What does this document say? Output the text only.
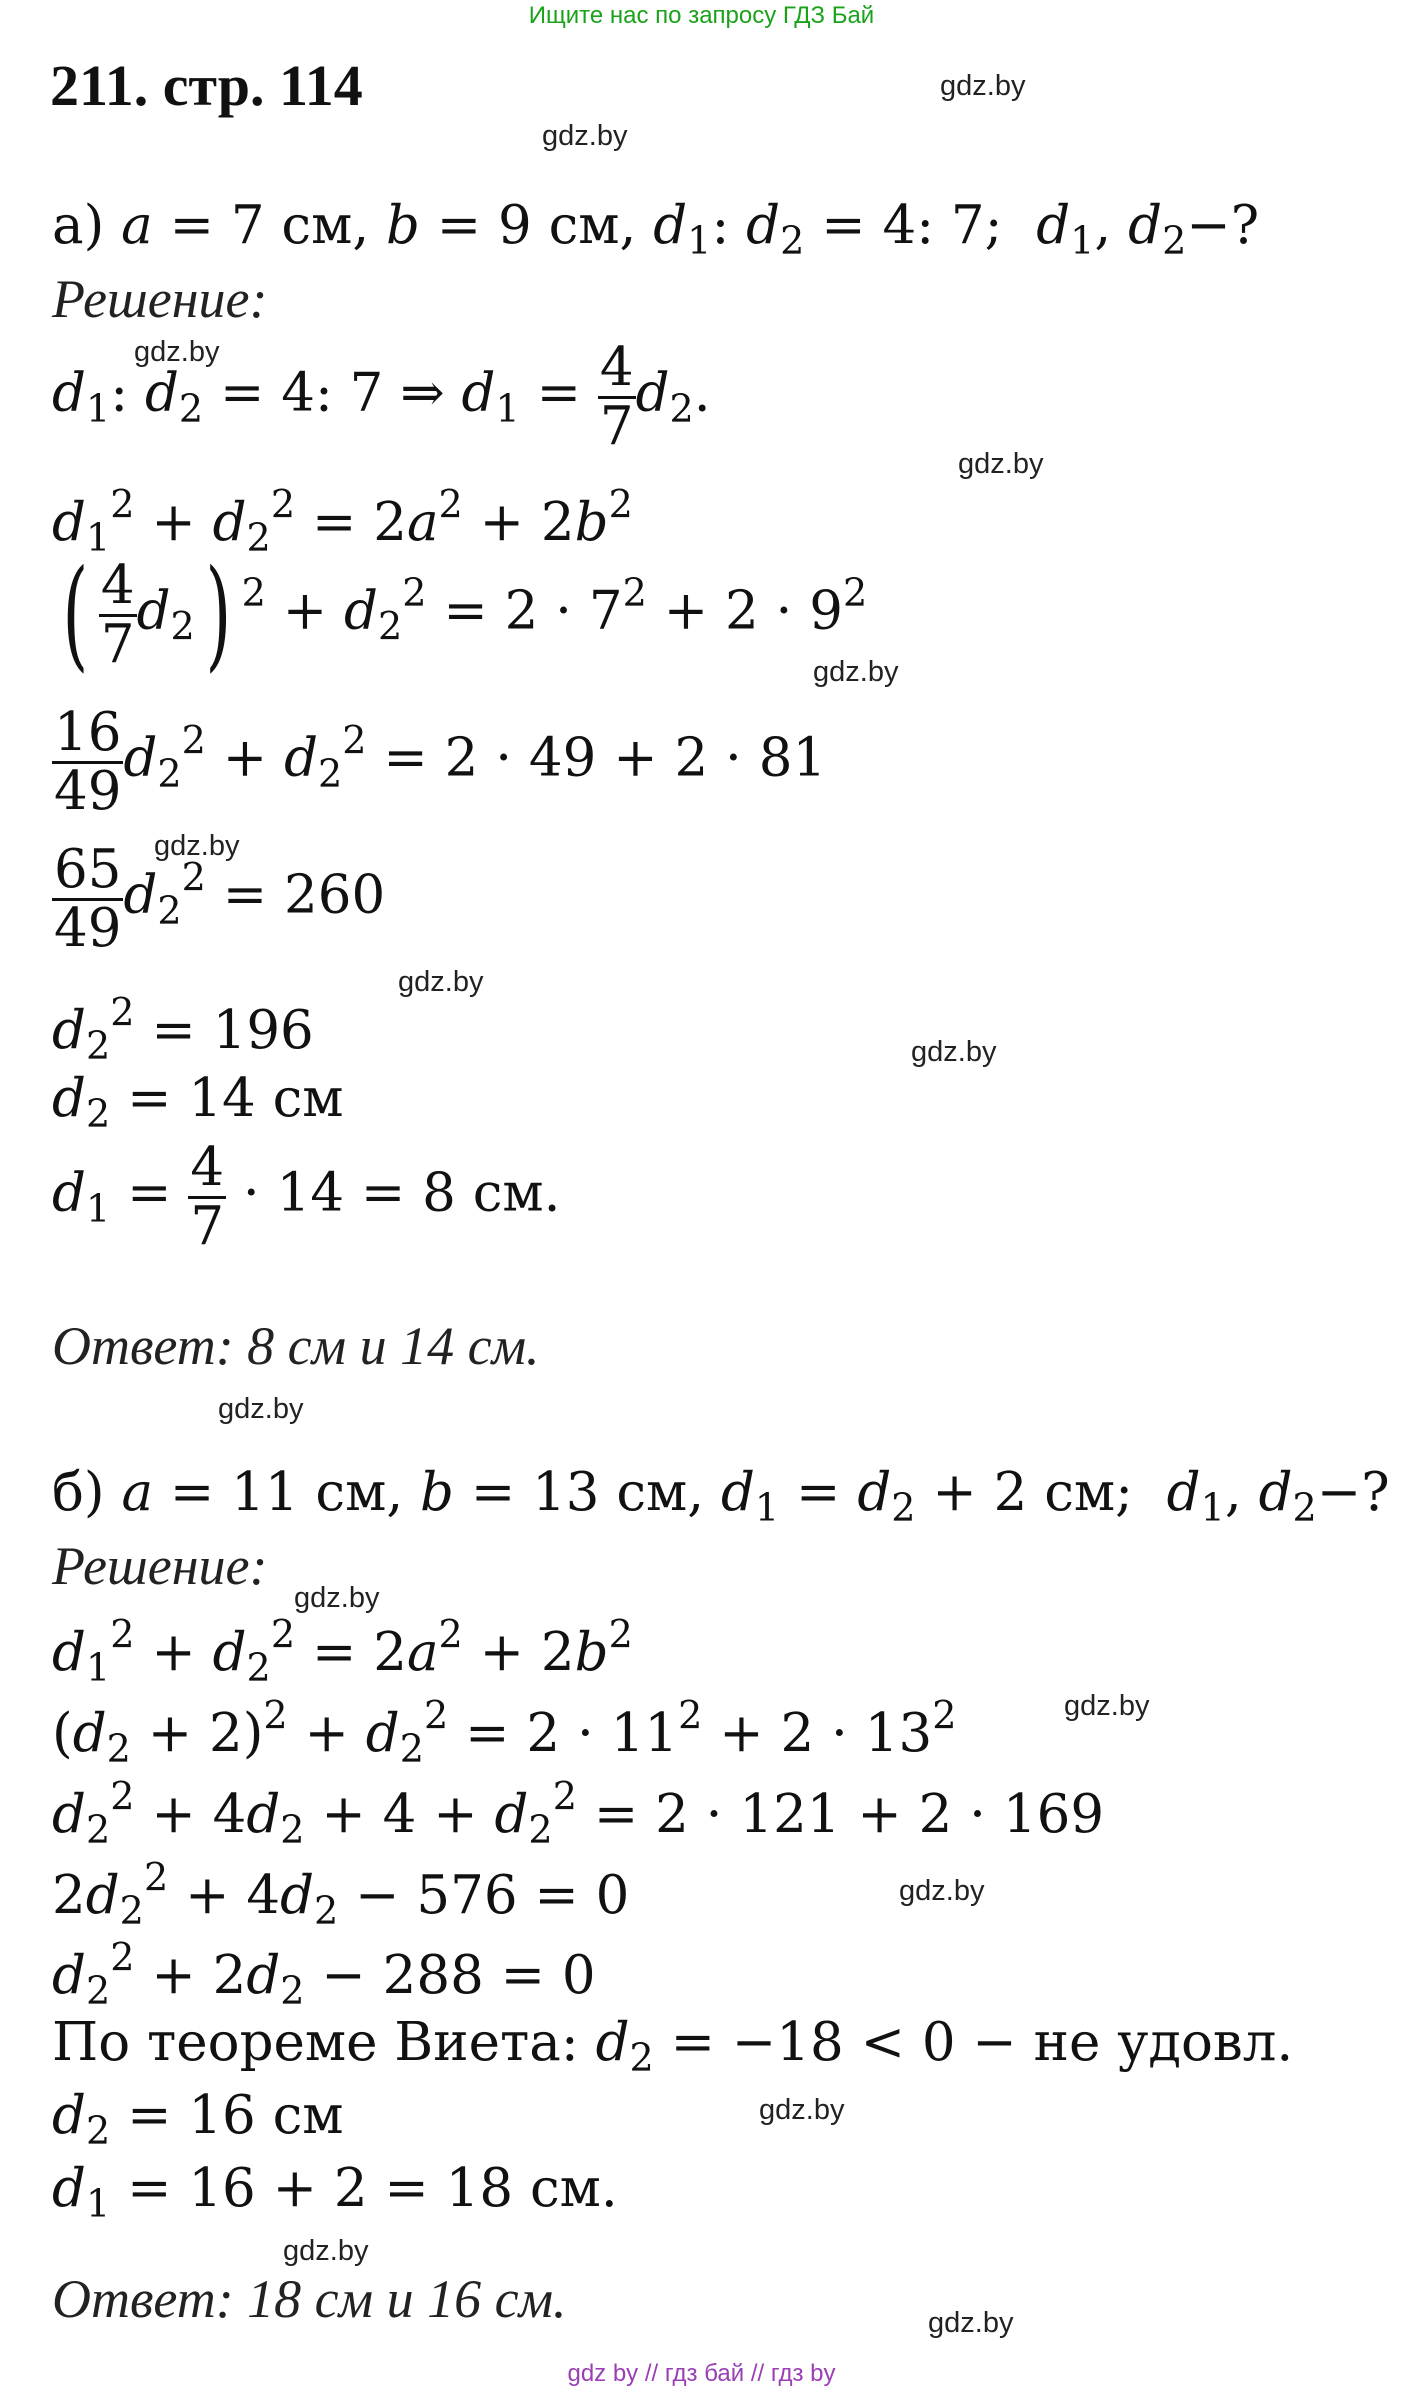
Ищите нас по запросу ГДЗ Бай
211. стр. 114	gdz.by
gdz.by
gdz.by
gdz.by
gdz.by
gdz.by
gdz.by
gdz.by
gdz.by
gdz.by
gdz.by
gdz.by
gdz.by
gdz.by
gdz.by
а) a = 7 см, b = 9 см, $d_1$: $d_2 = 4$: 7;  $d_1$, $d_2-$?
Решение:
$d_1$: $d_2 = 4$: 7 ⇒ $d_1 = \frac{4}{7} d_2$.
$d_1^2 + d_2^2 = 2a^2 + 2b^2$
( $\frac{4}{7} d_2$) $^2 + d_2^2 = 2 \cdot 7^2 + 2 \cdot 9^2$
$\frac{16}{49} d_2^2 + d_2^2 = 2 \cdot 49 + 2 \cdot 81$
$\frac{65}{49} d_2^2 = 260$
$d_2^2 = 196$
$d_2 = 14$ см
$d_1 = \frac{4}{7} \cdot 14 = 8$ см.
Ответ: 8 см и 14 см.
б) a = 11 см, b = 13 см, $d_1 = d_2 + 2$ см;  $d_1$, $d_2-$?
Решение:
$d_1^2 + d_2^2 = 2a^2 + 2b^2$
$(d_2 + 2)^2 + d_2^2 = 2 \cdot 11^2 + 2 \cdot 13^2$
$d_2^2 + 4d_2 + 4 + d_2^2 = 2 \cdot 121 + 2 \cdot 169$
$2d_2^2 + 4d_2 - 576 = 0$
$d_2^2 + 2d_2 - 288 = 0$
По теореме Виета: $d_2 = -18 < 0$ − не удовл.
$d_2 = 16$ см
$d_1 = 16 + 2 = 18$ см.
Ответ: 18 см и 16 см.
gdz by // гдз бай // гдз by
